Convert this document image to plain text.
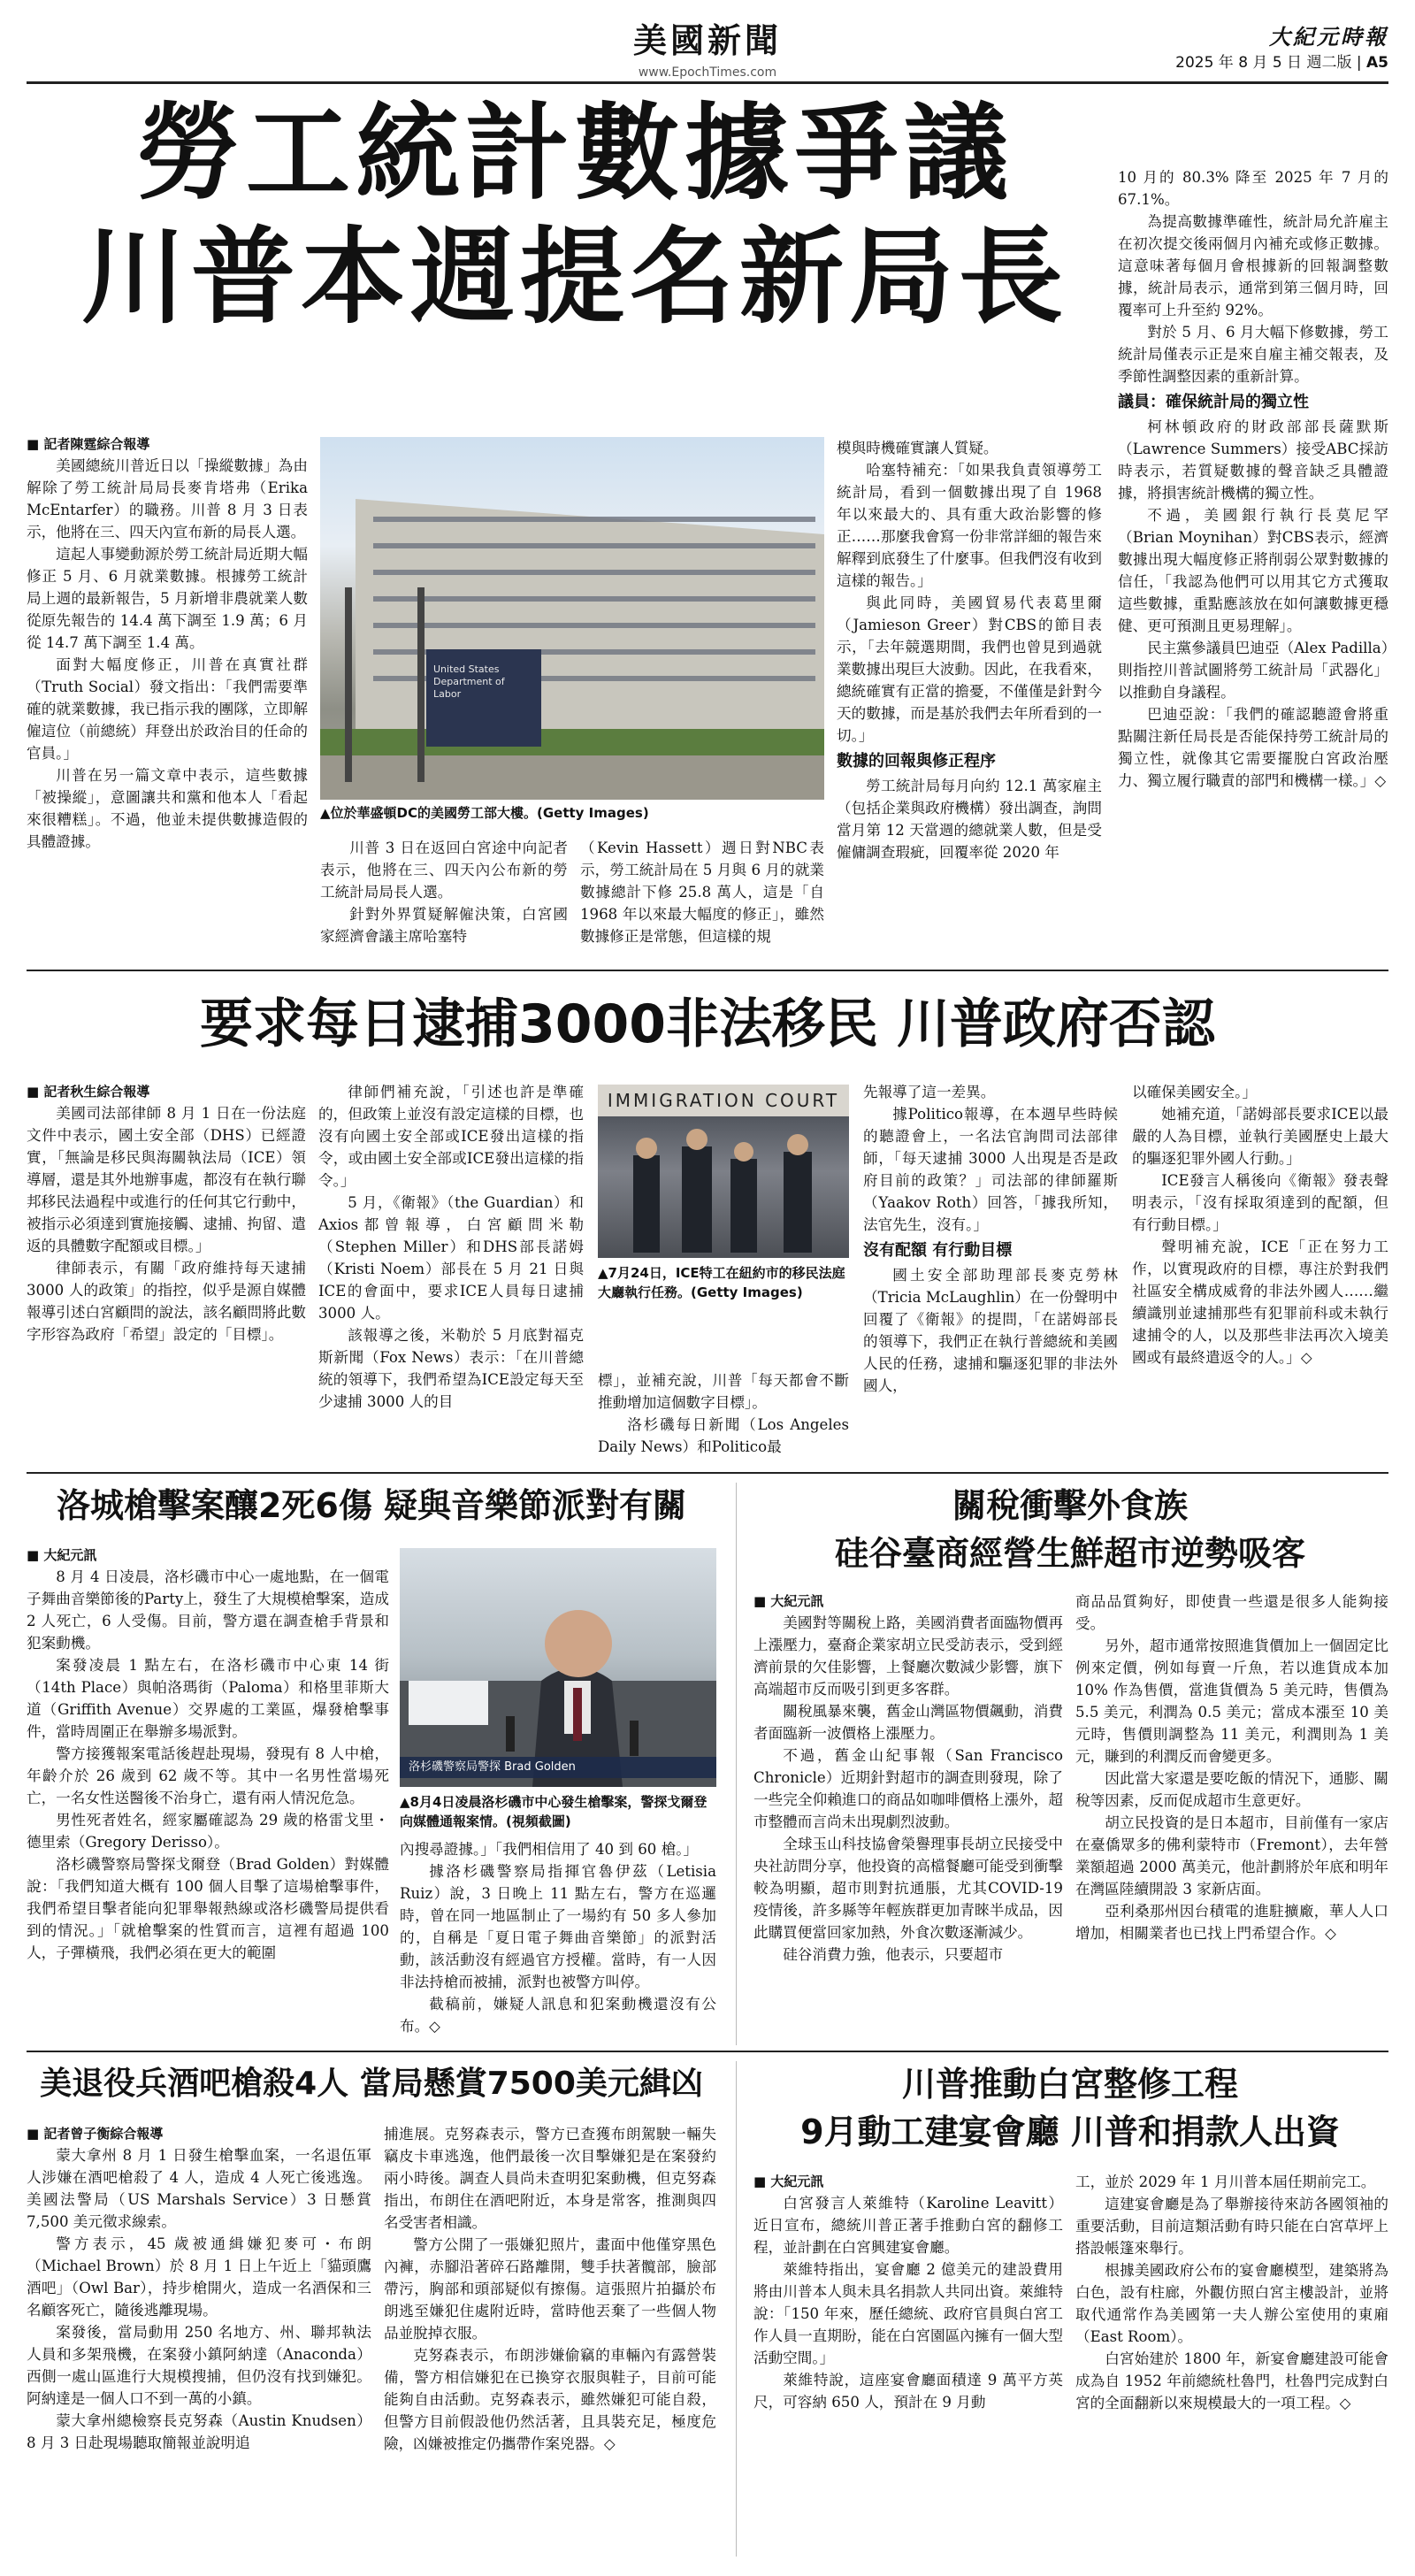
美國新聞
www.EpochTimes.com
大紀元時報
2025 年 8 月 5 日 週二版 | A5
勞工統計數據爭議
川普本週提名新局長
■ 記者陳霆綜合報導

美國總統川普近日以「操縱數據」為由解除了勞工統計局局長麥肯塔弗（Erika McEntarfer）的職務。川普 8 月 3 日表示，他將在三、四天內宣布新的局長人選。

這起人事變動源於勞工統計局近期大幅修正 5 月、6 月就業數據。根據勞工統計局上週的最新報告，5 月新增非農就業人數從原先報告的 14.4 萬下調至 1.9 萬；6 月從 14.7 萬下調至 1.4 萬。

面對大幅度修正，川普在真實社群（Truth Social）發文指出：「我們需要準確的就業數據，我已指示我的團隊，立即解僱這位（前總統）拜登出於政治目的任命的官員。」

川普在另一篇文章中表示，這些數據「被操縱」，意圖讓共和黨和他本人「看起來很糟糕」。不過，他並未提供數據造假的具體證據。

United States Department of Labor
▲位於華盛頓DC的美國勞工部大樓。(Getty Images)

川普 3 日在返回白宮途中向記者表示，他將在三、四天內公布新的勞工統計局局長人選。

針對外界質疑解僱決策，白宮國家經濟會議主席哈塞特

（Kevin Hassett）週日對NBC表示，勞工統計局在 5 月與 6 月的就業數據總計下修 25.8 萬人，這是「自 1968 年以來最大幅度的修正」，雖然數據修正是常態，但這樣的規

模與時機確實讓人質疑。

哈塞特補充：「如果我負責領導勞工統計局，看到一個數據出現了自 1968 年以來最大的、具有重大政治影響的修正……那麼我會寫一份非常詳細的報告來解釋到底發生了什麼事。但我們沒有收到這樣的報告。」

與此同時，美國貿易代表葛里爾（Jamieson Greer）對CBS的節目表示，「去年競選期間，我們也曾見到過就業數據出現巨大波動。因此，在我看來，總統確實有正當的擔憂，不僅僅是針對今天的數據，而是基於我們去年所看到的一切。」

數據的回報與修正程序

勞工統計局每月向約 12.1 萬家雇主（包括企業與政府機構）發出調查，詢問當月第 12 天當週的總就業人數，但是受僱傭調查瑕疵，回覆率從 2020 年

10 月的 80.3% 降至 2025 年 7 月的 67.1%。

為提高數據準確性，統計局允許雇主在初次提交後兩個月內補充或修正數據。這意味著每個月會根據新的回報調整數據，統計局表示，通常到第三個月時，回覆率可上升至約 92%。

對於 5 月、6 月大幅下修數據，勞工統計局僅表示正是來自雇主補交報表，及季節性調整因素的重新計算。

議員：確保統計局的獨立性

柯林頓政府的財政部部長薩默斯（Lawrence Summers）接受ABC採訪時表示，若質疑數據的聲音缺乏具體證據，將損害統計機構的獨立性。

不過，美國銀行執行長莫尼罕（Brian Moynihan）對CBS表示，經濟數據出現大幅度修正將削弱公眾對數據的信任，「我認為他們可以用其它方式獲取這些數據，重點應該放在如何讓數據更穩健、更可預測且更易理解」。

民主黨參議員巴迪亞（Alex Padilla）則指控川普試圖將勞工統計局「武器化」以推動自身議程。

巴迪亞說：「我們的確認聽證會將重點關注新任局長是否能保持勞工統計局的獨立性，就像其它需要擺脫白宮政治壓力、獨立履行職責的部門和機構一樣。」◇

要求每日逮捕3000非法移民 川普政府否認
■ 記者秋生綜合報導

美國司法部律師 8 月 1 日在一份法庭文件中表示，國土安全部（DHS）已經證實，「無論是移民與海關執法局（ICE）領導層，還是其外地辦事處，都沒有在執行聯邦移民法過程中或進行的任何其它行動中，被指示必須達到實施接觸、逮捕、拘留、遣返的具體數字配額或目標。」

律師表示，有關「政府維持每天逮捕 3000 人的政策」的指控，似乎是源自媒體報導引述白宮顧問的說法，該名顧問將此數字形容為政府「希望」設定的「目標」。

律師們補充說，「引述也許是準確的，但政策上並沒有設定這樣的目標，也沒有向國土安全部或ICE發出這樣的指令，或由國土安全部或ICE發出這樣的指令。」

5 月，《衛報》（the Guardian）和Axios都曾報導，白宮顧問米勒（Stephen Miller）和DHS部長諾姆（Kristi Noem）部長在 5 月 21 日與ICE的會面中，要求ICE人員每日逮捕 3000 人。

該報導之後，米勒於 5 月底對福克斯新聞（Fox News）表示：「在川普總統的領導下，我們希望為ICE設定每天至少逮捕 3000 人的目

IMMIGRATION COURT
▲7月24日，ICE特工在紐約市的移民法庭大廳執行任務。(Getty Images)

標」，並補充說，川普「每天都會不斷推動增加這個數字目標」。

洛杉磯每日新聞（Los Angeles Daily News）和Politico最

先報導了這一差異。

據Politico報導，在本週早些時候的聽證會上，一名法官詢問司法部律師，「每天逮捕 3000 人出現是否是政府目前的政策？」司法部的律師羅斯（Yaakov Roth）回答，「據我所知，法官先生，沒有。」

沒有配額 有行動目標

國土安全部助理部長麥克勞林（Tricia McLaughlin）在一份聲明中回覆了《衛報》的提問，「在諾姆部長的領導下，我們正在執行普總統和美國人民的任務，逮捕和驅逐犯罪的非法外國人，

以確保美國安全。」

她補充道，「諾姆部長要求ICE以最嚴的人為目標，並執行美國歷史上最大的驅逐犯罪外國人行動。」

ICE發言人稱後向《衛報》發表聲明表示，「沒有採取須達到的配額，但有行動目標。」

聲明補充說，ICE「正在努力工作，以實現政府的目標，專注於對我們社區安全構成威脅的非法外國人……繼續識別並逮捕那些有犯罪前科或未執行逮捕令的人，以及那些非法再次入境美國或有最終遣返令的人。」◇

洛城槍擊案釀2死6傷 疑與音樂節派對有關
■ 大紀元訊

8 月 4 日凌晨，洛杉磯市中心一處地點，在一個電子舞曲音樂節後的Party上，發生了大規模槍擊案，造成 2 人死亡，6 人受傷。目前，警方還在調查槍手背景和犯案動機。

案發凌晨 1 點左右，在洛杉磯市中心東 14 街（14th Place）與帕洛瑪街（Paloma）和格里菲斯大道（Griffith Avenue）交界處的工業區，爆發槍擊事件，當時周圍正在舉辦多場派對。

警方接獲報案電話後趕赴現場，發現有 8 人中槍，年齡介於 26 歲到 62 歲不等。其中一名男性當場死亡，一名女性送醫後不治身亡，還有兩人情況危急。

男性死者姓名，經家屬確認為 29 歲的格雷戈里・德里索（Gregory Derisso）。

洛杉磯警察局警探戈爾登（Brad Golden）對媒體說：「我們知道大概有 100 個人目擊了這場槍擊事件，我們希望目擊者能向犯罪舉報熱線或洛杉磯警局提供看到的情況。」「就槍擊案的性質而言，這裡有超過 100 人，子彈橫飛，我們必須在更大的範圍

洛杉磯警察局警探 Brad Golden
▲8月4日凌晨洛杉磯市中心發生槍擊案，警探戈爾登向媒體通報案情。(視頻截圖)

內搜尋證據。」「我們相信用了 40 到 60 槍。」

據洛杉磯警察局指揮官魯伊茲（Letisia Ruiz）說，3 日晚上 11 點左右，警方在巡邏時，曾在同一地區制止了一場約有 50 多人參加的，自稱是「夏日電子舞曲音樂節」的派對活動，該活動沒有經過官方授權。當時，有一人因非法持槍而被捕，派對也被警方叫停。

截稿前，嫌疑人訊息和犯案動機還沒有公布。◇

關稅衝擊外食族
硅谷臺商經營生鮮超市逆勢吸客
■ 大紀元訊

美國對等關稅上路，美國消費者面臨物價再上漲壓力，臺裔企業家胡立民受訪表示，受到經濟前景的欠佳影響，上餐廳次數減少影響，旗下高端超市反而吸引到更多客群。

關稅風暴來襲，舊金山灣區物價飆動，消費者面臨新一波價格上漲壓力。

不過，舊金山紀事報（San Francisco Chronicle）近期針對超市的調查則發現，除了一些完全仰賴進口的商品如咖啡價格上漲外，超市整體而言尚未出現劇烈波動。

全球玉山科技協會榮譽理事長胡立民接受中央社訪問分享，他投資的高檔餐廳可能受到衝擊較為明顯，超市則對抗通脹，尤其COVID-19疫情後，許多縣等年輕族群更加青睞半成品，因此購買便當回家加熱，外食次數逐漸減少。

硅谷消費力強，他表示，只要超市

商品品質夠好，即使貴一些還是很多人能夠接受。

另外，超市通常按照進貨價加上一個固定比例來定價，例如每賣一斤魚，若以進貨成本加 10% 作為售價，當進貨價為 5 美元時，售價為 5.5 美元，利潤為 0.5 美元；當成本漲至 10 美元時，售價則調整為 11 美元，利潤則為 1 美元，賺到的利潤反而會變更多。

因此當大家還是要吃飯的情況下，通膨、關稅等因素，反而促成超市生意更好。

胡立民投資的是日本超市，目前僅有一家店在臺僑眾多的佛利蒙特市（Fremont），去年營業額超過 2000 萬美元，他計劃將於年底和明年在灣區陸續開設 3 家新店面。

亞利桑那州因台積電的進駐擴廠，華人人口增加，相關業者也已找上門希望合作。◇

美退役兵酒吧槍殺4人 當局懸賞7500美元緝凶
■ 記者曾子衡綜合報導

蒙大拿州 8 月 1 日發生槍擊血案，一名退伍軍人涉嫌在酒吧槍殺了 4 人，造成 4 人死亡後逃逸。美國法警局（US Marshals Service）3 日懸賞 7,500 美元徵求線索。

警方表示，45 歲被通緝嫌犯麥可・布朗（Michael Brown）於 8 月 1 日上午近上「貓頭鷹酒吧」（Owl Bar），持步槍開火，造成一名酒保和三名顧客死亡，隨後逃離現場。

案發後，當局動用 250 名地方、州、聯邦執法人員和多架飛機，在案發小鎮阿納達（Anaconda）西側一處山區進行大規模搜捕，但仍沒有找到嫌犯。阿納達是一個人口不到一萬的小鎮。

蒙大拿州總檢察長克努森（Austin Knudsen）8 月 3 日赴現場聽取簡報並說明追

捕進展。克努森表示，警方已查獲布朗駕駛一輛失竊皮卡車逃逸，他們最後一次目擊嫌犯是在案發約兩小時後。調查人員尚未查明犯案動機，但克努森指出，布朗住在酒吧附近，本身是常客，推測與四名受害者相識。

警方公開了一張嫌犯照片，畫面中他僅穿黑色內褲，赤腳沿著碎石路離開，雙手扶著髖部，臉部帶污，胸部和頭部疑似有擦傷。這張照片拍攝於布朗逃至嫌犯住處附近時，當時他丟棄了一些個人物品並脫掉衣服。

克努森表示，布朗涉嫌偷竊的車輛內有露營裝備，警方相信嫌犯在已換穿衣服與鞋子，目前可能能夠自由活動。克努森表示，雖然嫌犯可能自殺，但警方目前假設他仍然活著，且具裝充足，極度危險，凶嫌被推定仍攜帶作案兇器。◇

川普推動白宮整修工程
9月動工建宴會廳 川普和捐款人出資
■ 大紀元訊

白宮發言人萊維特（Karoline Leavitt）近日宣布，總統川普正著手推動白宮的翻修工程，並計劃在白宮興建宴會廳。

萊維特指出，宴會廳 2 億美元的建設費用將由川普本人與未具名捐款人共同出資。萊維特說：「150 年來，歷任總統、政府官員與白宮工作人員一直期盼，能在白宮園區內擁有一個大型活動空間。」

萊維特說，這座宴會廳面積達 9 萬平方英尺，可容納 650 人，預計在 9 月動

工，並於 2029 年 1 月川普本屆任期前完工。

這建宴會廳是為了舉辦接待來訪各國領袖的重要活動，目前這類活動有時只能在白宮草坪上搭設帳篷來舉行。

根據美國政府公布的宴會廳模型，建築將為白色，設有柱廊，外觀仿照白宮主樓設計，並將取代通常作為美國第一夫人辦公室使用的東廂（East Room）。

白宮始建於 1800 年，新宴會廳建設可能會成為自 1952 年前總統杜魯門，杜魯門完成對白宮的全面翻新以來規模最大的一項工程。◇
